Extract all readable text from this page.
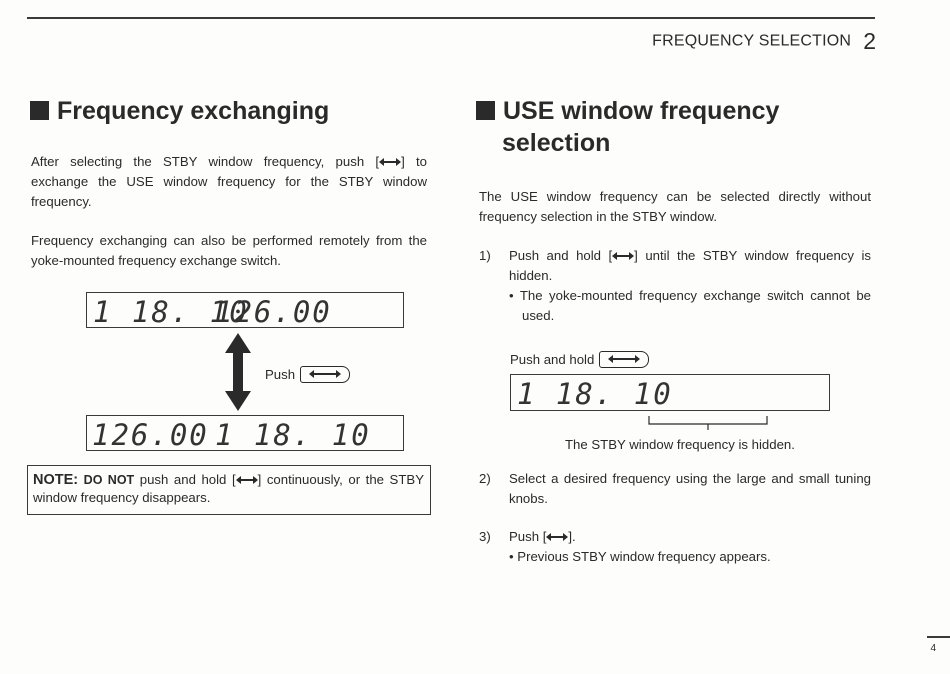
FREQUENCY SELECTION 2
Frequency exchanging

After selecting the STBY window frequency, push [ ] to exchange the USE window frequency for the STBY window frequency.

Frequency exchanging can also be performed remotely from the yoke-mounted frequency exchange switch.

1 18. 10
126.00
Push
126.00 1 18. 10
NOTE: DO NOT push and hold [ ] continuously, or the STBY window frequency disappears.
USE window frequency
selection

The USE window frequency can be selected directly without frequency selection in the STBY window.

1) Push and hold [ ] until the STBY window frequency is hidden.

• The yoke-mounted frequency exchange switch cannot be used.

Push and hold
1 18. 10
The STBY window frequency is hidden.
2) Select a desired frequency using the large and small tuning knobs.

3) Push [ ].

• Previous STBY window frequency appears.

4
